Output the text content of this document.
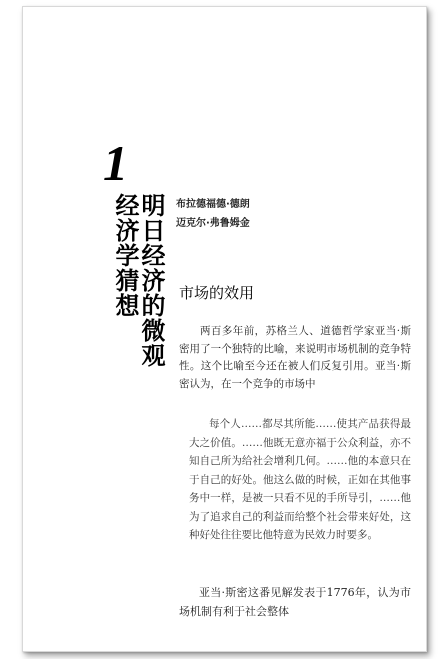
1
明日经济的微观
经济学猜想	布拉德福德·德朗
迈克尔·弗鲁姆金
市场的效用

两百多年前，苏格兰人、道德哲学家亚当·斯密用了一个独特的比喻，来说明市场机制的竞争特性。这个比喻至今还在被人们反复引用。亚当·斯密认为，在一个竞争的市场中

每个人……都尽其所能……使其产品获得最大之价值。……他既无意亦福于公众利益，亦不知自己所为给社会增利几何。……他的本意只在于自己的好处。他这么做的时候，正如在其他事务中一样，是被一只看不见的手所导引，……他为了追求自己的利益而给整个社会带来好处，这种好处往往要比他特意为民效力时要多。

亚当·斯密这番见解发表于1776年，认为市场机制有利于社会整体
